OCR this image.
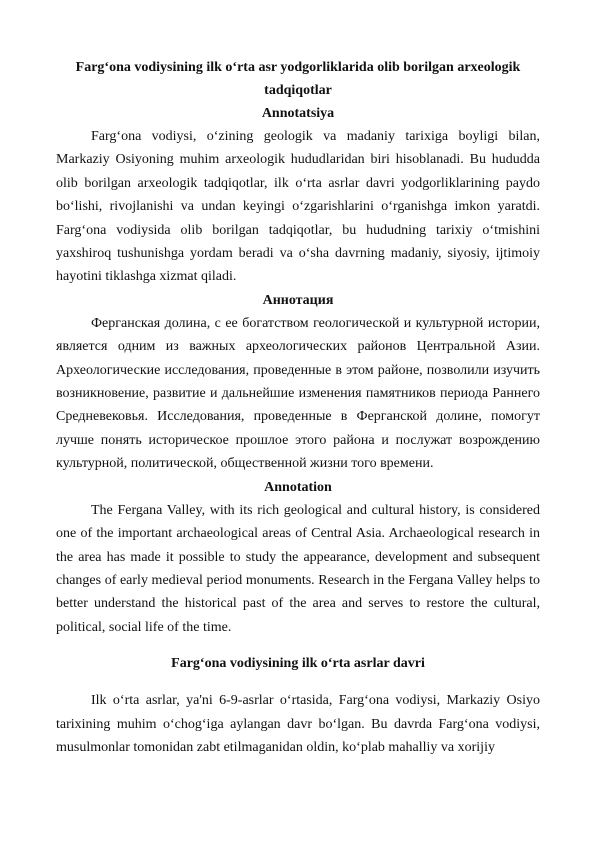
Farg‘ona vodiysining ilk o‘rta asr yodgorliklarida olib borilgan arxeologik tadqiqotlar

Annotatsiya

Farg‘ona vodiysi, o‘zining geologik va madaniy tarixiga boyligi bilan, Markaziy Osiyoning muhim arxeologik hududlaridan biri hisoblanadi. Bu hududda olib borilgan arxeologik tadqiqotlar, ilk o‘rta asrlar davri yodgorliklarining paydo bo‘lishi, rivojlanishi va undan keyingi o‘zgarishlarini o‘rganishga imkon yaratdi. Farg‘ona vodiysida olib borilgan tadqiqotlar, bu hududning tarixiy o‘tmishini yaxshiroq tushunishga yordam beradi va o‘sha davrning madaniy, siyosiy, ijtimoiy hayotini tiklashga xizmat qiladi.

Аннотация

Ферганская долина, с ее богатством геологической и культурной истории, является одним из важных археологических районов Центральной Азии. Археологические исследования, проведенные в этом районе, позволили изучить возникновение, развитие и дальнейшие изменения памятников периода Раннего Средневековья. Исследования, проведенные в Ферганской долине, помогут лучше понять историческое прошлое этого района и послужат возрождению культурной, политической, общественной жизни того времени.

Annotation

The Fergana Valley, with its rich geological and cultural history, is considered one of the important archaeological areas of Central Asia. Archaeological research in the area has made it possible to study the appearance, development and subsequent changes of early medieval period monuments. Research in the Fergana Valley helps to better understand the historical past of the area and serves to restore the cultural, political, social life of the time.

Farg‘ona vodiysining ilk o‘rta asrlar davri

Ilk o‘rta asrlar, ya'ni 6-9-asrlar o‘rtasida, Farg‘ona vodiysi, Markaziy Osiyo tarixining muhim o‘chog‘iga aylangan davr bo‘lgan. Bu davrda Farg‘ona vodiysi, musulmonlar tomonidan zabt etilmaganidan oldin, ko‘plab mahalliy va xorijiy
